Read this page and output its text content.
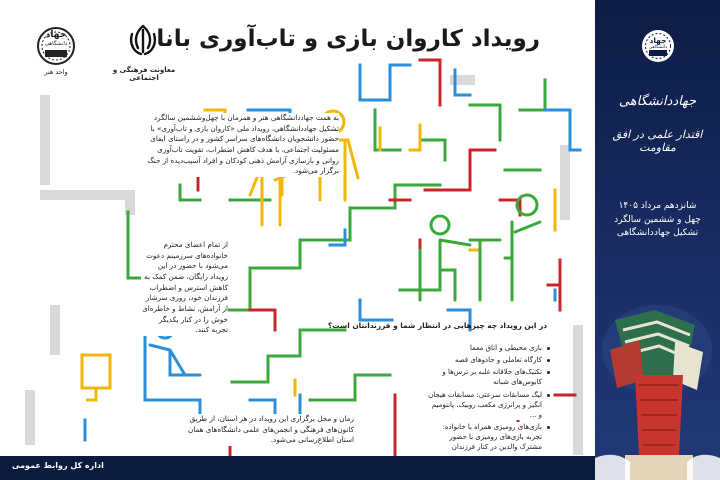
جهاد
دانشگاهی
واحد هنر	معاونت فرهنگی و اجتماعی
رویداد کاروان بازی و تاب‌آوری بانا
به همت جهاددانشگاهی هنر و همزمان با چهل‌وششمین سالگرد تشکیل جهاددانشگاهی، رویداد ملی «کاروان بازی و تاب‌آوری» با حضور دانشجویان دانشگاه‌های سراسر کشور و در راستای ایفای مسئولیت اجتماعی، با هدف کاهش اضطراب، تقویت تاب‌آوری روانی و بازسازی آرامش ذهنی کودکان و افراد آسیب‌دیده از جنگ برگزار می‌شود.
از تمام اعضای محترم خانواده‌های سرزمینم دعوت می‌شود با حضور در این رویداد رایگان، ضمن کمک به کاهش استرس و اضطراب فرزندان خود، روزی سرشار از آرامش، نشاط و خاطره‌ای خوش را در کنار یکدیگر تجربه کنند.
زمان و محل برگزاری این رویداد در هر استان، از طریق کانون‌های فرهنگی و انجمن‌های علمی دانشگاه‌های همان استان اطلاع‌رسانی می‌شود.
در این رویداد چه چیزهایی در انتظار شما و فرزندانتان است؟
بازی محیطی و اتاق معما
کارگاه تعاملی و جادوهای قصه
تکنیک‌های خلاقانه غلبه بر ترس‌ها و کابوس‌های شبانه
لیگ مسابقات سرعتی: مسابقات هیجان انگیز و پرانرژی مکعب روبیک، پانتومیم و ...
بازی‌های رومیزی همراه با خانواده: تجربه بازی‌های رومیزی با حضور مشترک والدین در کنار فرزندان
اداره کل روابط عمومی
جهاد
دانشگاهی
جهاددانشگاهی
اقتدار علمی در افق مقاومت
شانزدهم مرداد ۱۴۰۵
چهل و ششمین سالگرد
تشکیل جهاددانشگاهی
